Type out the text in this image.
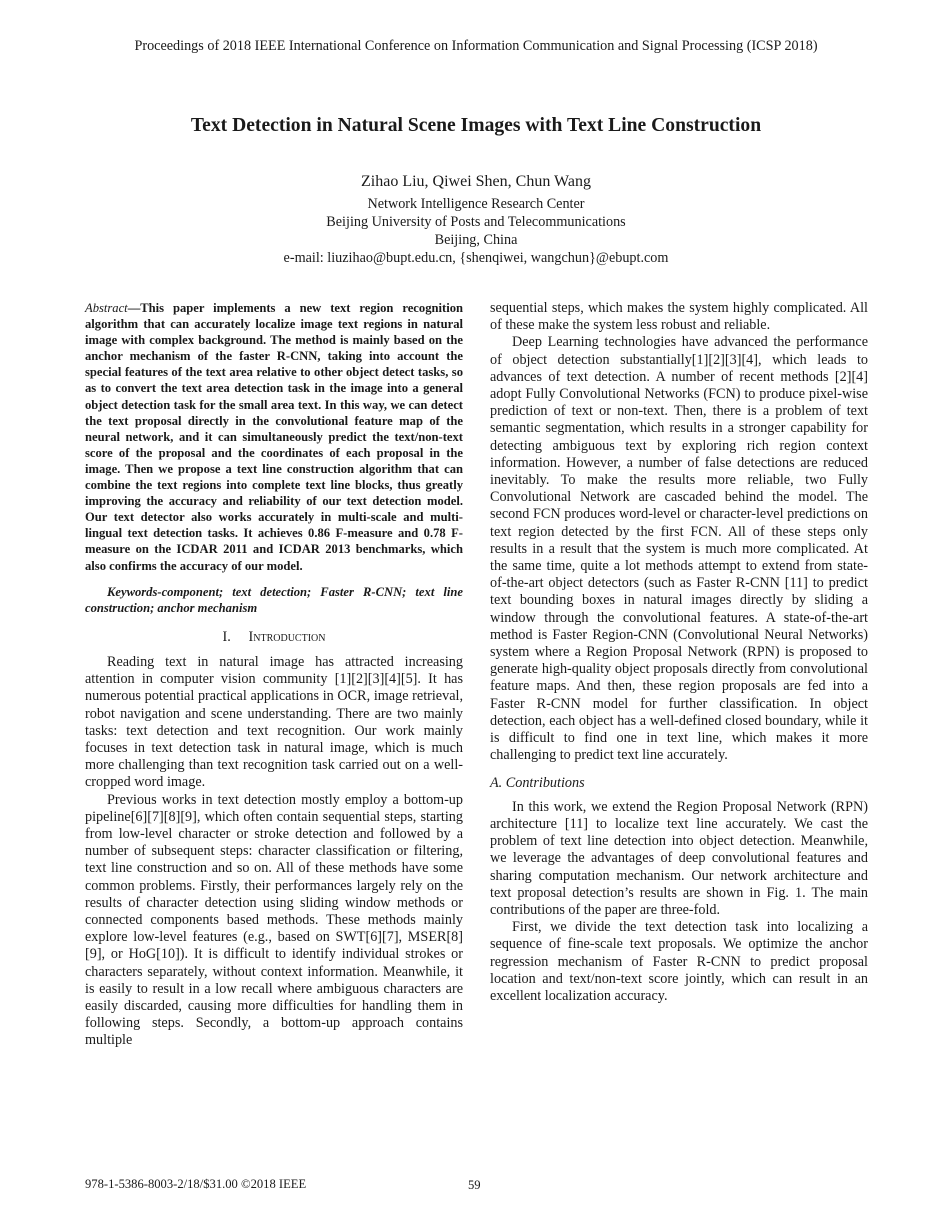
Proceedings of 2018 IEEE International Conference on Information Communication and Signal Processing (ICSP 2018)
Text Detection in Natural Scene Images with Text Line Construction
Zihao Liu, Qiwei Shen, Chun Wang
Network Intelligence Research Center
Beijing University of Posts and Telecommunications
Beijing, China
e-mail: liuzihao@bupt.edu.cn, {shenqiwei, wangchun}@ebupt.com

Abstract—This paper implements a new text region recognition algorithm that can accurately localize image text regions in natural image with complex background. The method is mainly based on the anchor mechanism of the faster R-CNN, taking into account the special features of the text area relative to other object detect tasks, so as to convert the text area detection task in the image into a general object detection task for the small area text. In this way, we can detect the text proposal directly in the convolutional feature map of the neural network, and it can simultaneously predict the text/non-text score of the proposal and the coordinates of each proposal in the image. Then we propose a text line construction algorithm that can combine the text regions into complete text line blocks, thus greatly improving the accuracy and reliability of our text detection model. Our text detector also works accurately in multi-scale and multi-lingual text detection tasks. It achieves 0.86 F-measure and 0.78 F-measure on the ICDAR 2011 and ICDAR 2013 benchmarks, which also confirms the accuracy of our model.

Keywords-component; text detection; Faster R-CNN; text line construction; anchor mechanism

I. Introduction

Reading text in natural image has attracted increasing attention in computer vision community [1][2][3][4][5]. It has numerous potential practical applications in OCR, image retrieval, robot navigation and scene understanding. There are two mainly tasks: text detection and text recognition. Our work mainly focuses in text detection task in natural image, which is much more challenging than text recognition task carried out on a well-cropped word image.

Previous works in text detection mostly employ a bottom-up pipeline[6][7][8][9], which often contain sequential steps, starting from low-level character or stroke detection and followed by a number of subsequent steps: character classification or filtering, text line construction and so on. All of these methods have some common problems. Firstly, their performances largely rely on the results of character detection using sliding window methods or connected components based methods. These methods mainly explore low-level features (e.g., based on SWT[6][7], MSER[8][9], or HoG[10]). It is difficult to identify individual strokes or characters separately, without context information. Meanwhile, it is easily to result in a low recall where ambiguous characters are easily discarded, causing more difficulties for handling them in following steps. Secondly, a bottom-up approach contains multiple

sequential steps, which makes the system highly complicated. All of these make the system less robust and reliable.

Deep Learning technologies have advanced the performance of object detection substantially[1][2][3][4], which leads to advances of text detection. A number of recent methods [2][4] adopt Fully Convolutional Networks (FCN) to produce pixel-wise prediction of text or non-text. Then, there is a problem of text semantic segmentation, which results in a stronger capability for detecting ambiguous text by exploring rich region context information. However, a number of false detections are reduced inevitably. To make the results more reliable, two Fully Convolutional Network are cascaded behind the model. The second FCN produces word-level or character-level predictions on text region detected by the first FCN. All of these steps only results in a result that the system is much more complicated. At the same time, quite a lot methods attempt to extend from state-of-the-art object detectors (such as Faster R-CNN [11] to predict text bounding boxes in natural images directly by sliding a window through the convolutional features. A state-of-the-art method is Faster Region-CNN (Convolutional Neural Networks) system where a Region Proposal Network (RPN) is proposed to generate high-quality object proposals directly from convolutional feature maps. And then, these region proposals are fed into a Faster R-CNN model for further classification. In object detection, each object has a well-defined closed boundary, while it is difficult to find one in text line, which makes it more challenging to predict text line accurately.

A. Contributions

In this work, we extend the Region Proposal Network (RPN) architecture [11] to localize text line accurately. We cast the problem of text line detection into object detection. Meanwhile, we leverage the advantages of deep convolutional features and sharing computation mechanism. Our network architecture and text proposal detection’s results are shown in Fig. 1. The main contributions of the paper are three-fold.

First, we divide the text detection task into localizing a sequence of fine-scale text proposals. We optimize the anchor regression mechanism of Faster R-CNN to predict proposal location and text/non-text score jointly, which can result in an excellent localization accuracy.

978-1-5386-8003-2/18/$31.00 ©2018 IEEE	59
